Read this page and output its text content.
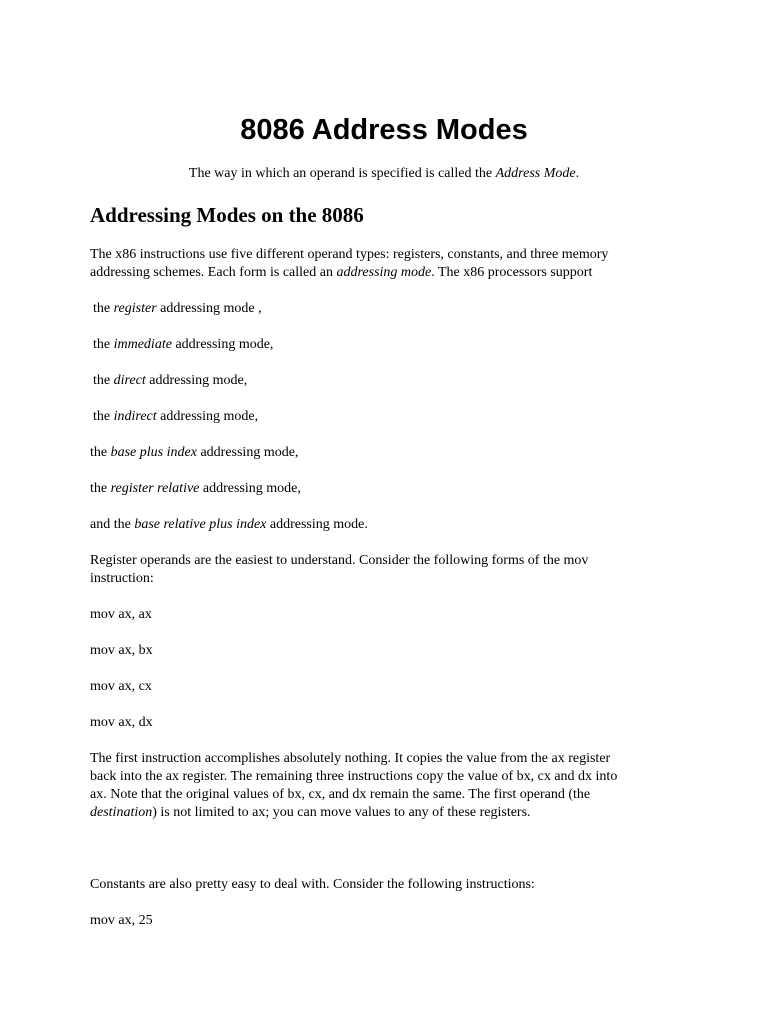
8086 Address Modes

The way in which an operand is specified is called the Address Mode.

Addressing Modes on the 8086

The x86 instructions use five different operand types: registers, constants, and three memory
addressing schemes. Each form is called an addressing mode. The x86 processors support

the register addressing mode ,

the immediate addressing mode,

the direct addressing mode,

the indirect addressing mode,

the base plus index addressing mode,

the register relative addressing mode,

and the base relative plus index addressing mode.

Register operands are the easiest to understand. Consider the following forms of the mov
instruction:

mov ax, ax

mov ax, bx

mov ax, cx

mov ax, dx

The first instruction accomplishes absolutely nothing. It copies the value from the ax register
back into the ax register. The remaining three instructions copy the value of bx, cx and dx into
ax. Note that the original values of bx, cx, and dx remain the same. The first operand (the
destination) is not limited to ax; you can move values to any of these registers.

Constants are also pretty easy to deal with. Consider the following instructions:

mov ax, 25
